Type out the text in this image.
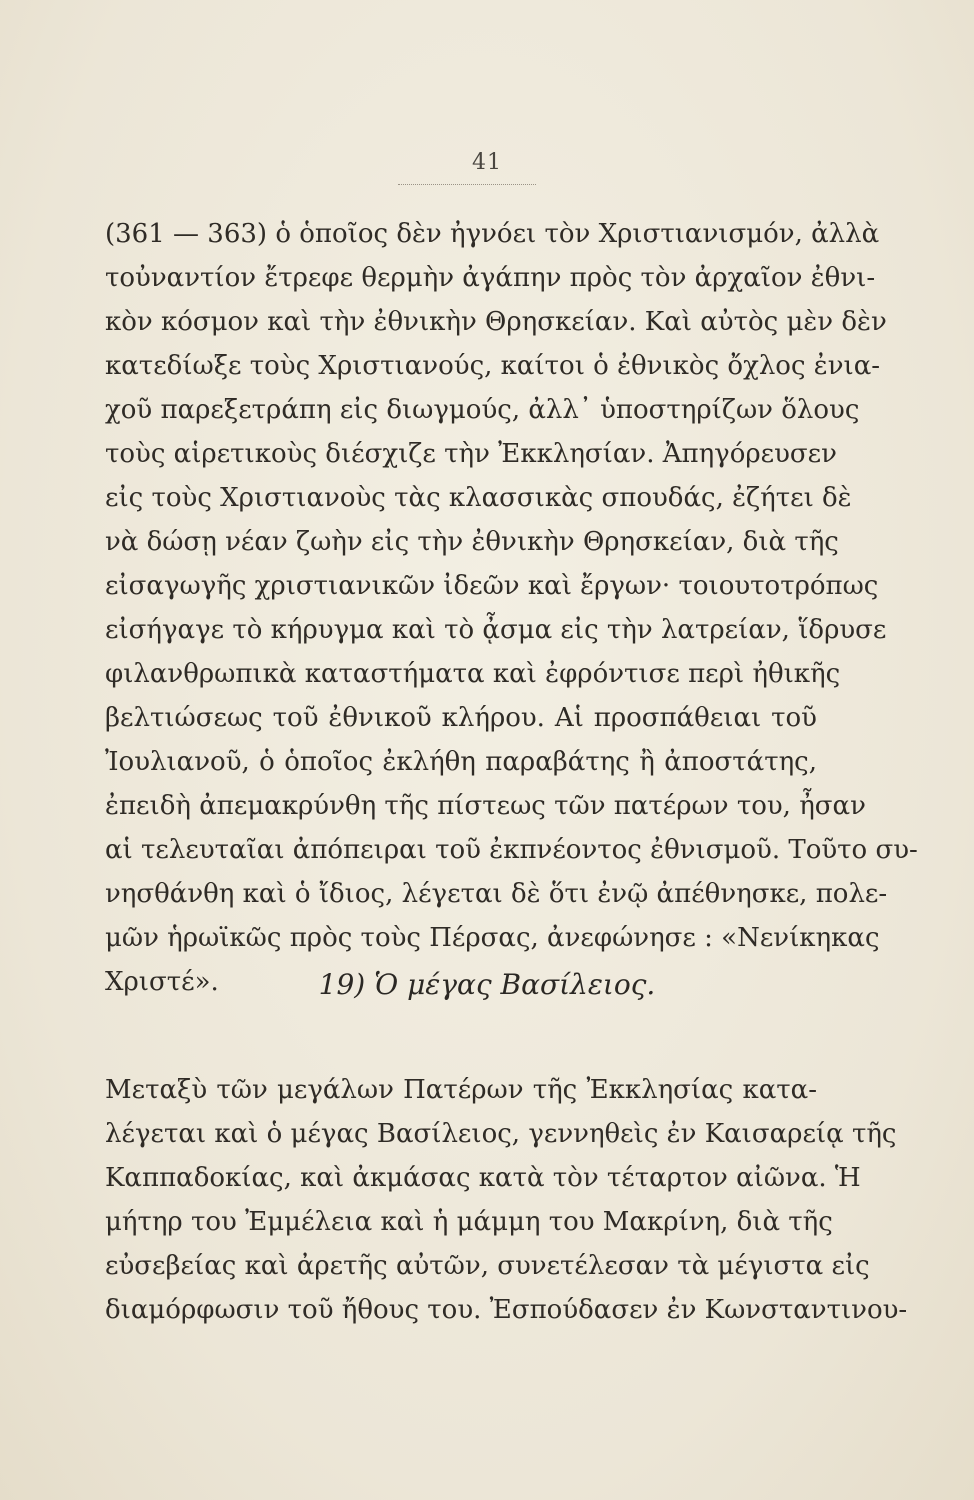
41
(361 — 363) ὁ ὁποῖος δὲν ἠγνόει τὸν Χριστιανισμόν, ἀλλὰ
τοὐναντίον ἔτρεφε θερμὴν ἀγάπην πρὸς τὸν ἀρχαῖον ἐθνι-
κὸν κόσμον καὶ τὴν ἐθνικὴν Θρησκείαν. Καὶ αὐτὸς μὲν δὲν
κατεδίωξε τοὺς Χριστιανούς, καίτοι ὁ ἐθνικὸς ὄχλος ἐνια-
χοῦ παρεξετράπη εἰς διωγμούς, ἀλλ᾽ ὑποστηρίζων ὅλους
τοὺς αἱρετικοὺς διέσχιζε τὴν Ἐκκλησίαν. Ἀπηγόρευσεν
εἰς τοὺς Χριστιανοὺς τὰς κλασσικὰς σπουδάς, ἐζήτει δὲ
νὰ δώσῃ νέαν ζωὴν εἰς τὴν ἐθνικὴν Θρησκείαν, διὰ τῆς
εἰσαγωγῆς χριστιανικῶν ἰδεῶν καὶ ἔργων· τοιουτοτρόπως
εἰσήγαγε τὸ κήρυγμα καὶ τὸ ᾆσμα εἰς τὴν λατρείαν, ἵδρυσε
φιλανθρωπικὰ καταστήματα καὶ ἐφρόντισε περὶ ἠθικῆς
βελτιώσεως τοῦ ἐθνικοῦ κλήρου. Αἱ προσπάθειαι τοῦ
Ἰουλιανοῦ, ὁ ὁποῖος ἐκλήθη παραβάτης ἢ ἀποστάτης,
ἐπειδὴ ἀπεμακρύνθη τῆς πίστεως τῶν πατέρων του, ἦσαν
αἱ τελευταῖαι ἀπόπειραι τοῦ ἐκπνέοντος ἐθνισμοῦ. Τοῦτο συ-
νησθάνθη καὶ ὁ ἴδιος, λέγεται δὲ ὅτι ἐνῷ ἀπέθνησκε, πολε-
μῶν ἡρωϊκῶς πρὸς τοὺς Πέρσας, ἀνεφώνησε : «Νενίκηκας
Χριστέ».	19) Ὁ μέγας Βασίλειος.
Μεταξὺ τῶν μεγάλων Πατέρων τῆς Ἐκκλησίας κατα-
λέγεται καὶ ὁ μέγας Βασίλειος, γεννηθεὶς ἐν Καισαρείᾳ τῆς
Καππαδοκίας, καὶ ἀκμάσας κατὰ τὸν τέταρτον αἰῶνα. Ἡ
μήτηρ του Ἐμμέλεια καὶ ἡ μάμμη του Μακρίνη, διὰ τῆς
εὐσεβείας καὶ ἀρετῆς αὐτῶν, συνετέλεσαν τὰ μέγιστα εἰς
διαμόρφωσιν τοῦ ἤθους του. Ἐσπούδασεν ἐν Κωνσταντινου-
